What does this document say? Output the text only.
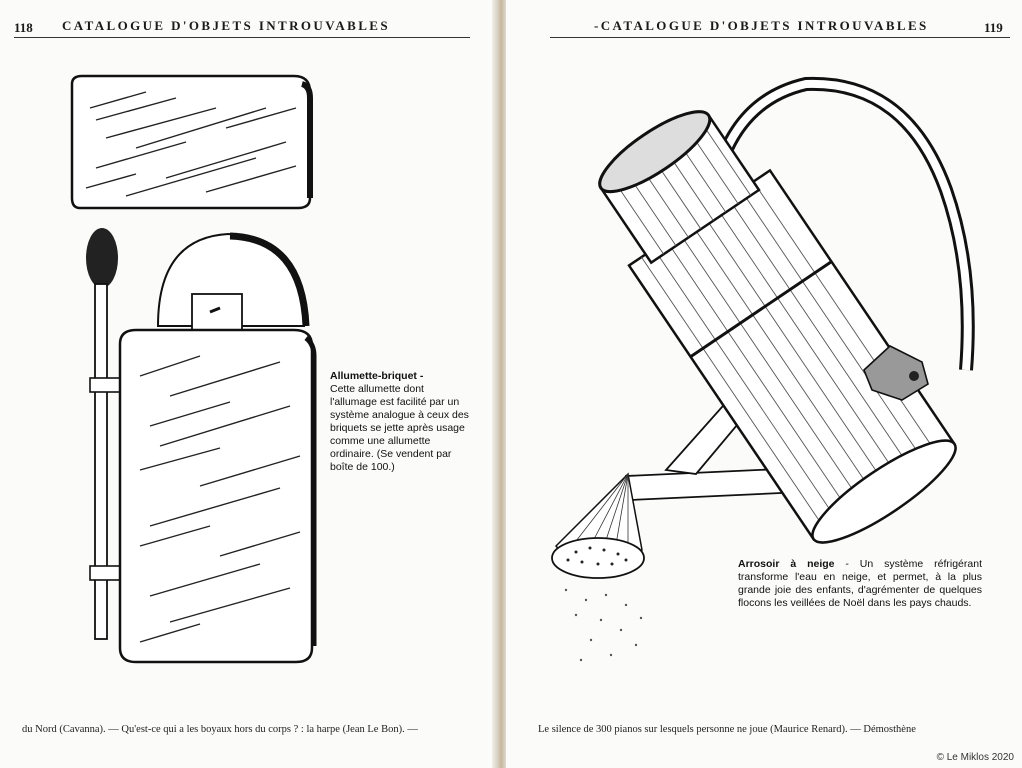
118 CATALOGUE D'OBJETS INTROUVABLES
Allumette-briquet -
Cette allumette dont l'allumage est facilité par un système analogue à ceux des briquets se jette après usage comme une allumette ordinaire. (Se vendent par boîte de 100.)
du Nord (Cavanna). — Qu'est-ce qui a les boyaux hors du corps ? : la harpe (Jean Le Bon). —
-CATALOGUE D'OBJETS INTROUVABLES	119
Arrosoir à neige - Un système réfrigérant transforme l'eau en neige, et permet, à la plus grande joie des enfants, d'agrémenter de quelques flocons les veillées de Noël dans les pays chauds.
Le silence de 300 pianos sur lesquels personne ne joue (Maurice Renard). — Démosthène
© Le Miklos 2020
